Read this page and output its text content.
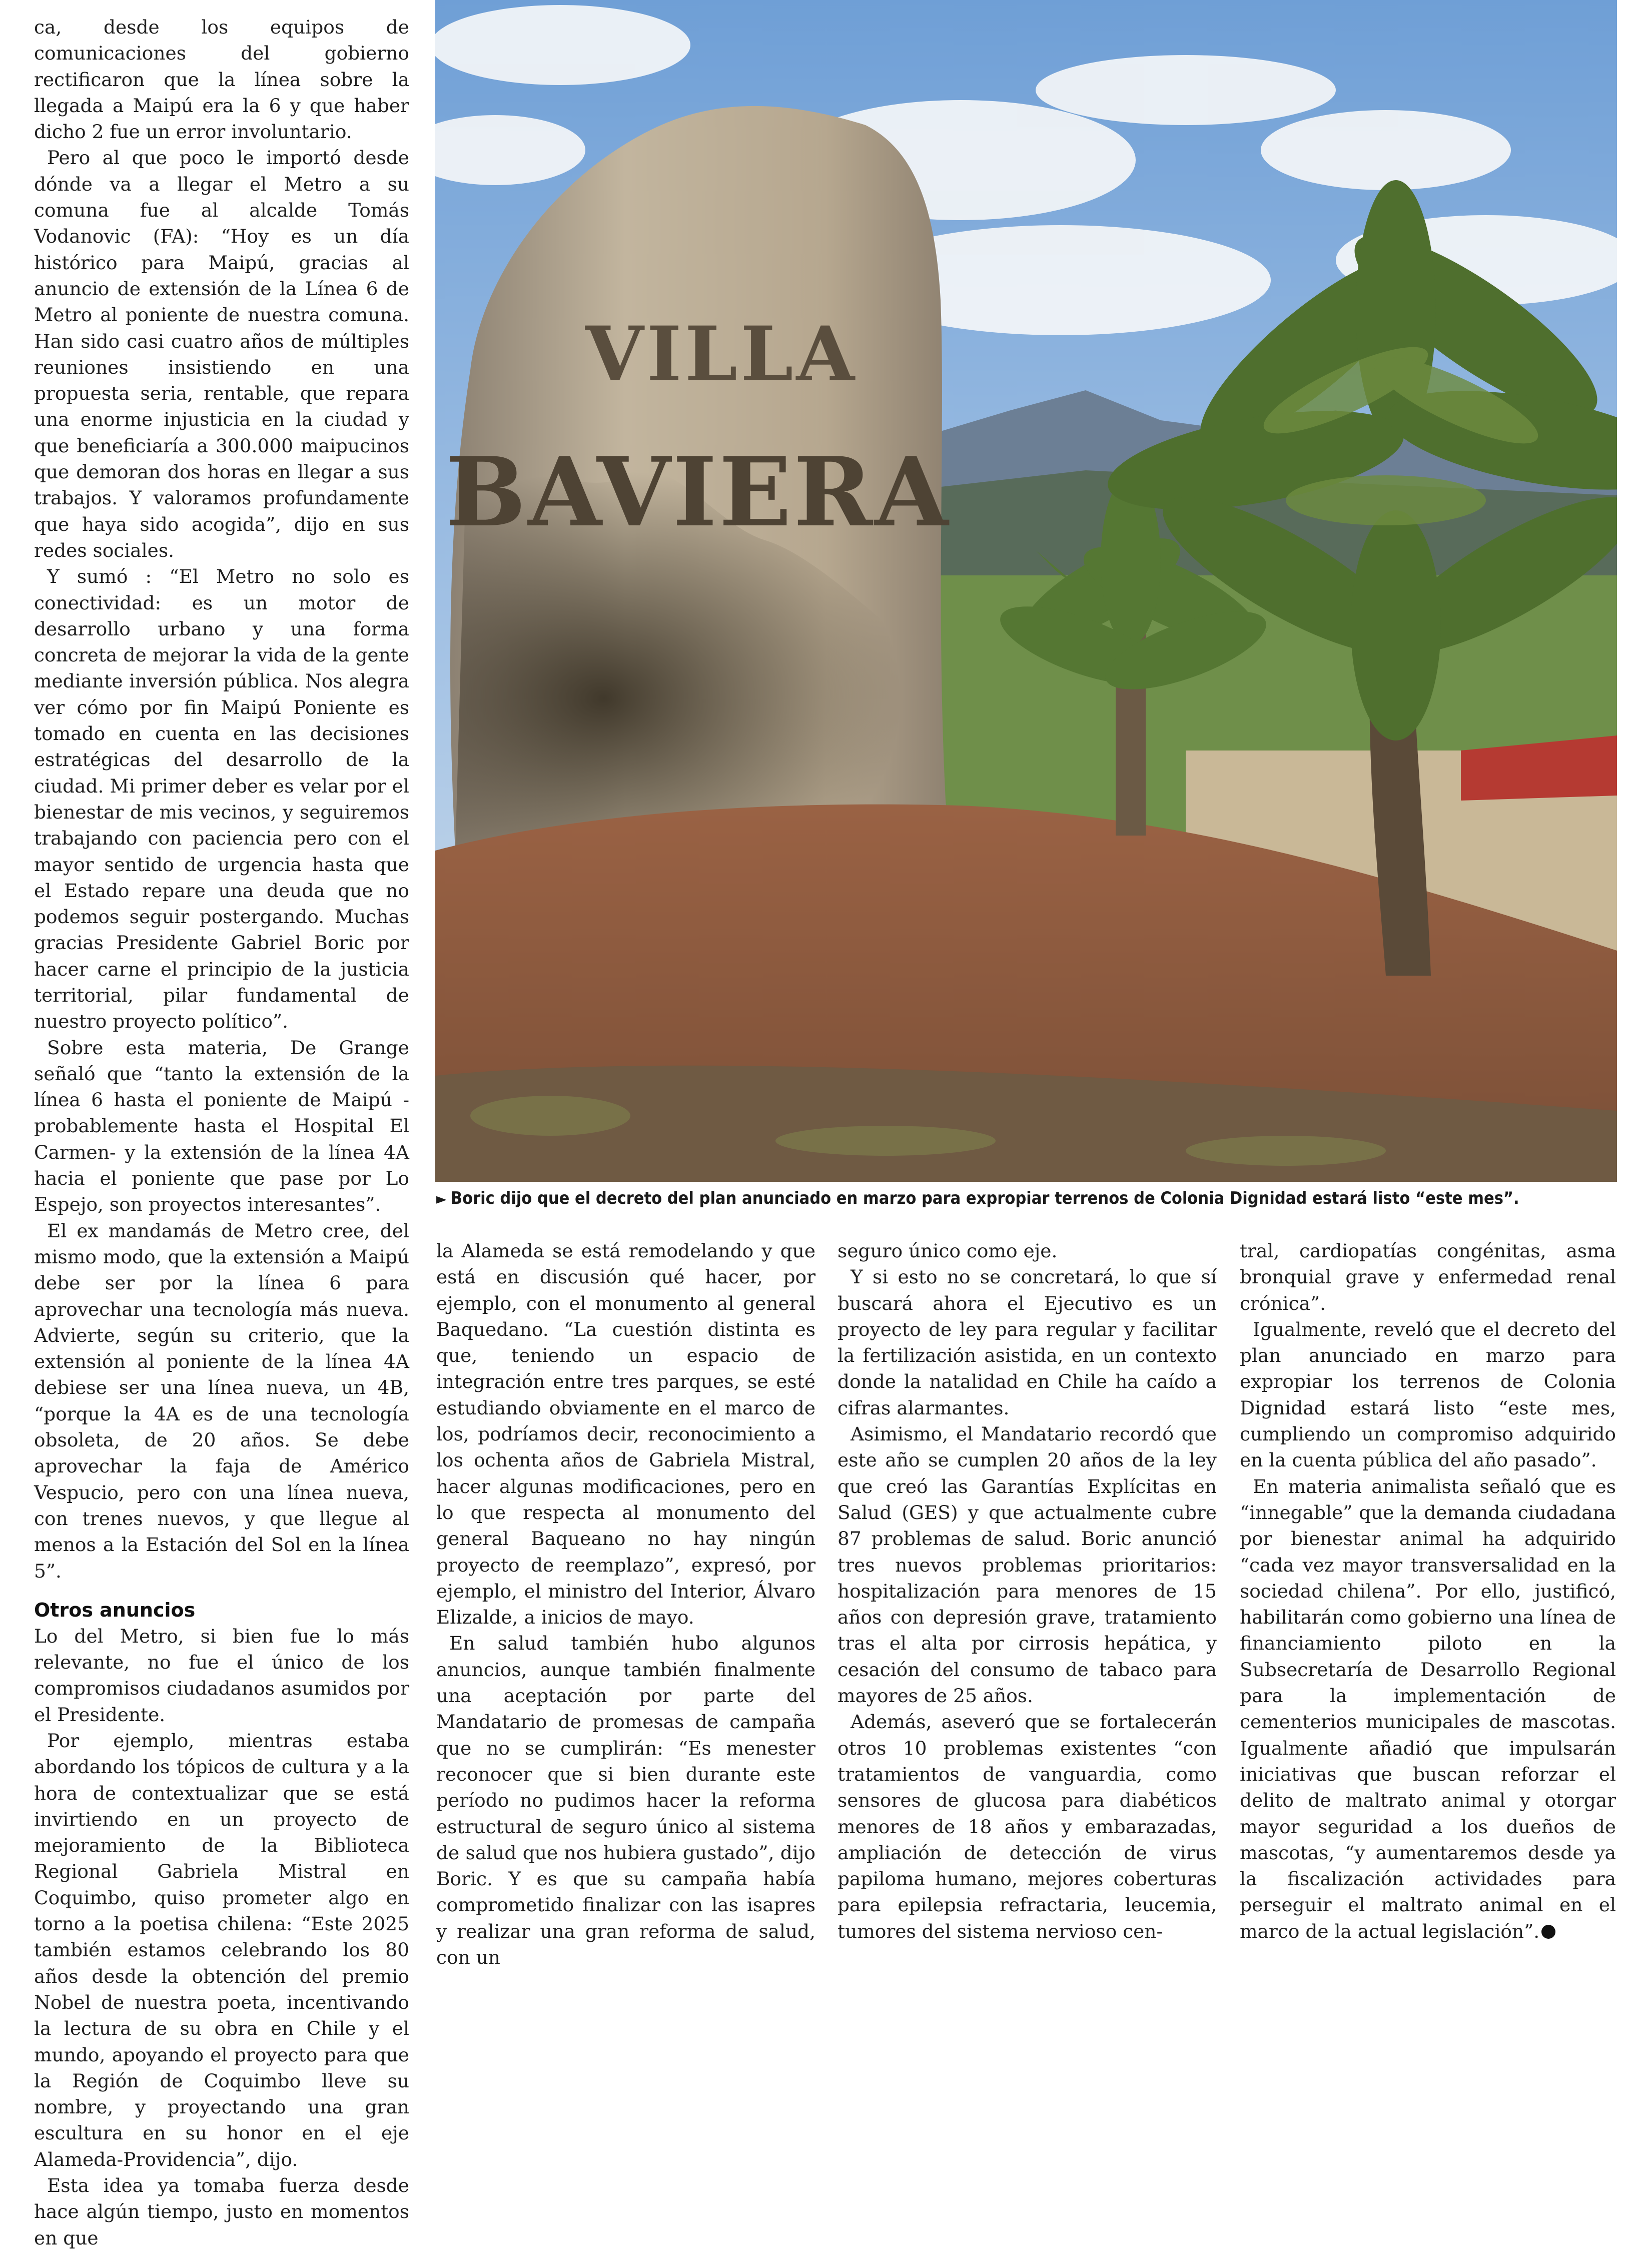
ca, desde los equipos de comunicaciones del gobierno rectificaron que la línea sobre la llegada a Maipú era la 6 y que haber dicho 2 fue un error involuntario.

Pero al que poco le importó desde dónde va a llegar el Metro a su comuna fue al alcalde Tomás Vodanovic (FA): “Hoy es un día histórico para Maipú, gracias al anuncio de extensión de la Línea 6 de Metro al poniente de nuestra comuna. Han sido casi cuatro años de múltiples reuniones insistiendo en una propuesta seria, rentable, que repara una enorme injusticia en la ciudad y que beneficiaría a 300.000 maipucinos que demoran dos horas en llegar a sus trabajos. Y valoramos profundamente que haya sido acogida”, dijo en sus redes sociales.

Y sumó : “El Metro no solo es conectividad: es un motor de desarrollo urbano y una forma concreta de mejorar la vida de la gente mediante inversión pública. Nos alegra ver cómo por fin Maipú Poniente es tomado en cuenta en las decisiones estratégicas del desarrollo de la ciudad. Mi primer deber es velar por el bienestar de mis vecinos, y seguiremos trabajando con paciencia pero con el mayor sentido de urgencia hasta que el Estado repare una deuda que no podemos seguir postergando. Muchas gracias Presidente Gabriel Boric por hacer carne el principio de la justicia territorial, pilar fundamental de nuestro proyecto político”.

Sobre esta materia, De Grange señaló que “tanto la extensión de la línea 6 hasta el poniente de Maipú -probablemente hasta el Hospital El Carmen- y la extensión de la línea 4A hacia el poniente que pase por Lo Espejo, son proyectos interesantes”.

El ex mandamás de Metro cree, del mismo modo, que la extensión a Maipú debe ser por la línea 6 para aprovechar una tecnología más nueva. Advierte, según su criterio, que la extensión al poniente de la línea 4A debiese ser una línea nueva, un 4B, “porque la 4A es de una tecnología obsoleta, de 20 años. Se debe aprovechar la faja de Américo Vespucio, pero con una línea nueva, con trenes nuevos, y que llegue al menos a la Estación del Sol en la línea 5”.

Otros anuncios

Lo del Metro, si bien fue lo más relevante, no fue el único de los compromisos ciudadanos asumidos por el Presidente.

Por ejemplo, mientras estaba abordando los tópicos de cultura y a la hora de contextualizar que se está invirtiendo en un proyecto de mejoramiento de la Biblioteca Regional Gabriela Mistral en Coquimbo, quiso prometer algo en torno a la poetisa chilena: “Este 2025 también estamos celebrando los 80 años desde la obtención del premio Nobel de nuestra poeta, incentivando la lectura de su obra en Chile y el mundo, apoyando el proyecto para que la Región de Coquimbo lleve su nombre, y proyectando una gran escultura en su honor en el eje Alameda-Providencia”, dijo.

Esta idea ya tomaba fuerza desde hace algún tiempo, justo en momentos en que

VILLA
BAVIERA
► Boric dijo que el decreto del plan anunciado en marzo para expropiar terrenos de Colonia Dignidad estará listo “este mes”.

la Alameda se está remodelando y que está en discusión qué hacer, por ejemplo, con el monumento al general Baquedano. “La cuestión distinta es que, teniendo un espacio de integración entre tres parques, se esté estudiando obviamente en el marco de los, podríamos decir, reconocimiento a los ochenta años de Gabriela Mistral, hacer algunas modificaciones, pero en lo que respecta al monumento del general Baqueano no hay ningún proyecto de reemplazo”, expresó, por ejemplo, el ministro del Interior, Álvaro Elizalde, a inicios de mayo.

En salud también hubo algunos anuncios, aunque también finalmente una aceptación por parte del Mandatario de promesas de campaña que no se cumplirán: “Es menester reconocer que si bien durante este período no pudimos hacer la reforma estructural de seguro único al sistema de salud que nos hubiera gustado”, dijo Boric. Y es que su campaña había comprometido finalizar con las isapres y realizar una gran reforma de salud, con un

seguro único como eje.

Y si esto no se concretará, lo que sí buscará ahora el Ejecutivo es un proyecto de ley para regular y facilitar la fertilización asistida, en un contexto donde la natalidad en Chile ha caído a cifras alarmantes.

Asimismo, el Mandatario recordó que este año se cumplen 20 años de la ley que creó las Garantías Explícitas en Salud (GES) y que actualmente cubre 87 problemas de salud. Boric anunció tres nuevos problemas prioritarios: hospitalización para menores de 15 años con depresión grave, tratamiento tras el alta por cirrosis hepática, y cesación del consumo de tabaco para mayores de 25 años.

Además, aseveró que se fortalecerán otros 10 problemas existentes “con tratamientos de vanguardia, como sensores de glucosa para diabéticos menores de 18 años y embarazadas, ampliación de detección de virus papiloma humano, mejores coberturas para epilepsia refractaria, leucemia, tumores del sistema nervioso cen-

tral, cardiopatías congénitas, asma bronquial grave y enfermedad renal crónica”.

Igualmente, reveló que el decreto del plan anunciado en marzo para expropiar los terrenos de Colonia Dignidad estará listo “este mes, cumpliendo un compromiso adquirido en la cuenta pública del año pasado”.

En materia animalista señaló que es “innegable” que la demanda ciudadana por bienestar animal ha adquirido “cada vez mayor transversalidad en la sociedad chilena”. Por ello, justificó, habilitarán como gobierno una línea de financiamiento piloto en la Subsecretaría de Desarrollo Regional para la implementación de cementerios municipales de mascotas. Igualmente añadió que impulsarán iniciativas que buscan reforzar el delito de maltrato animal y otorgar mayor seguridad a los dueños de mascotas, “y aumentaremos desde ya la fiscalización actividades para perseguir el maltrato animal en el marco de la actual legislación”.
